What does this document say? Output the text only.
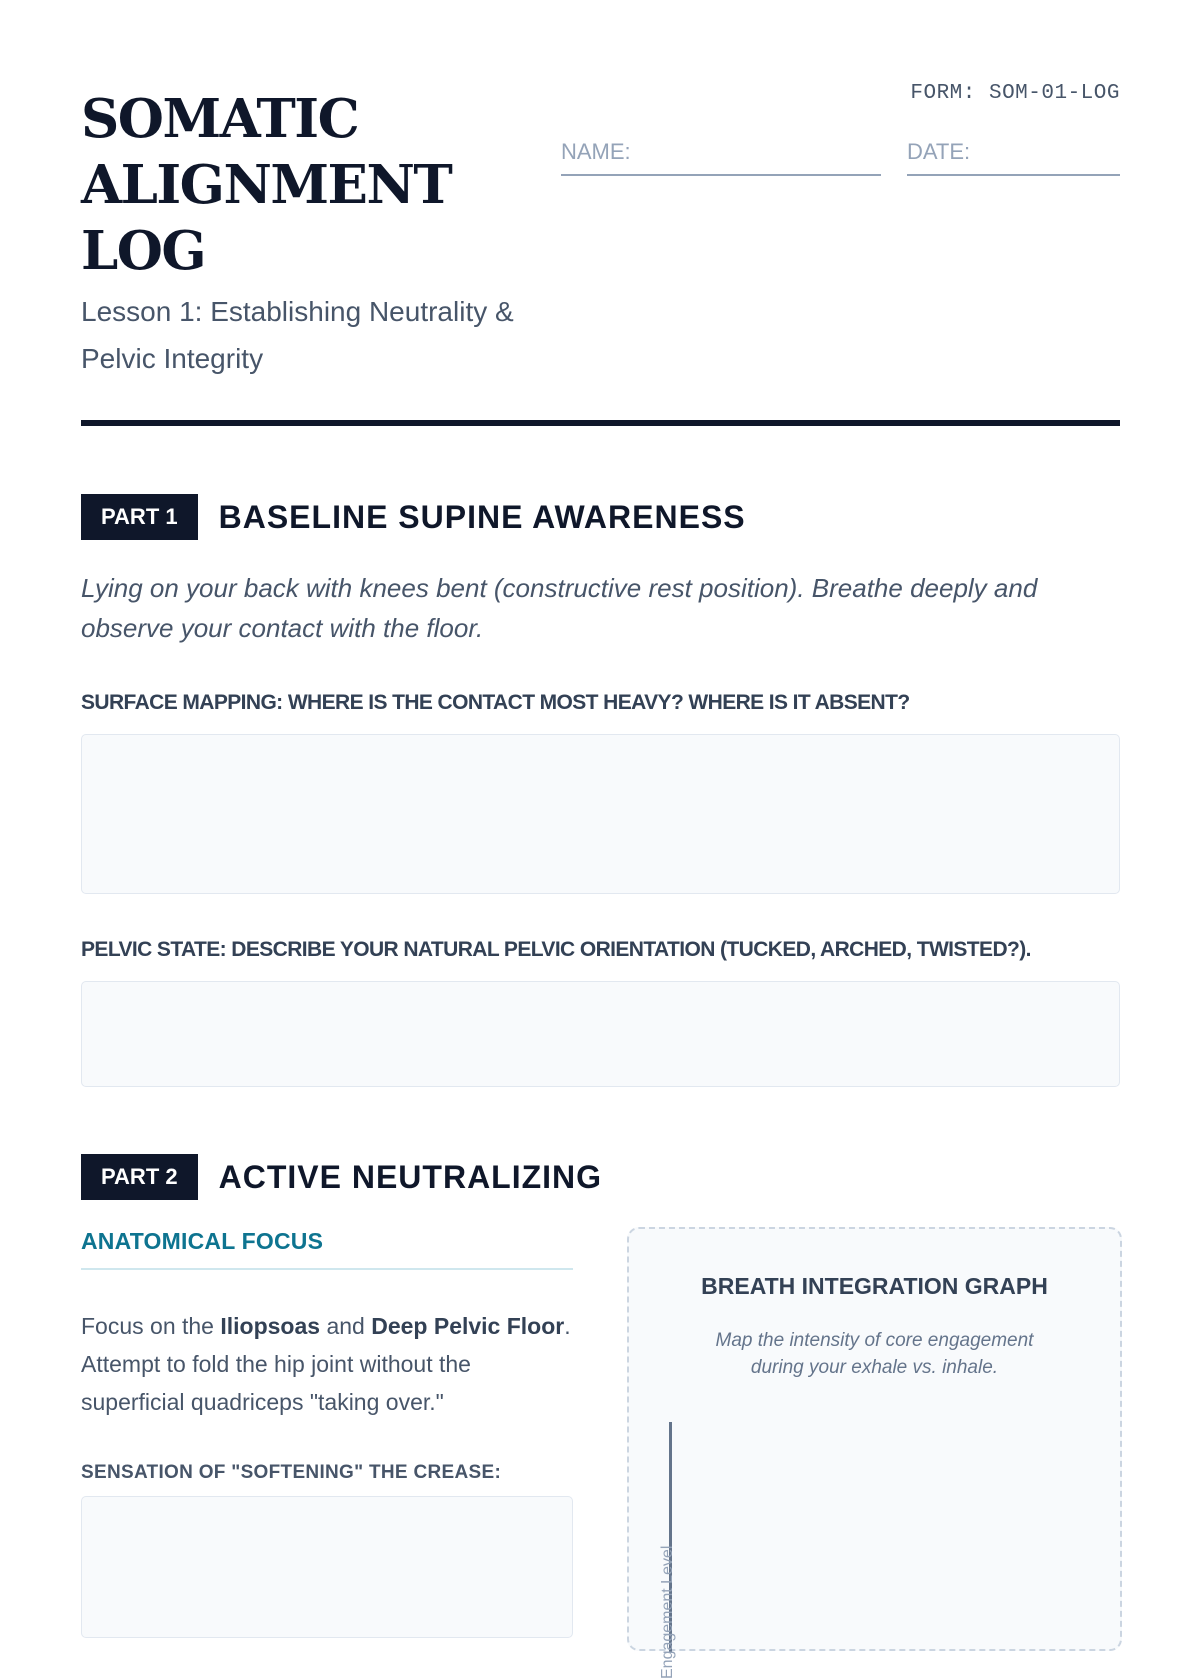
SOMATIC ALIGNMENT LOG

Lesson 1: Establishing Neutrality & Pelvic Integrity

FORM: SOM-01-LOG
NAME:	DATE:
PART 1	BASELINE SUPINE AWARENESS

Lying on your back with knees bent (constructive rest position). Breathe deeply and observe your contact with the floor.

SURFACE MAPPING: WHERE IS THE CONTACT MOST HEAVY? WHERE IS IT ABSENT?
PELVIC STATE: DESCRIBE YOUR NATURAL PELVIC ORIENTATION (TUCKED, ARCHED, TWISTED?).
PART 2	ACTIVE NEUTRALIZING
ANATOMICAL FOCUS

Focus on the Iliopsoas and Deep Pelvic Floor. Attempt to fold the hip joint without the superficial quadriceps "taking over."

SENSATION OF "SOFTENING" THE CREASE:
BREATH INTEGRATION GRAPH

Map the intensity of core engagement during your exhale vs. inhale.

Engagement Level
